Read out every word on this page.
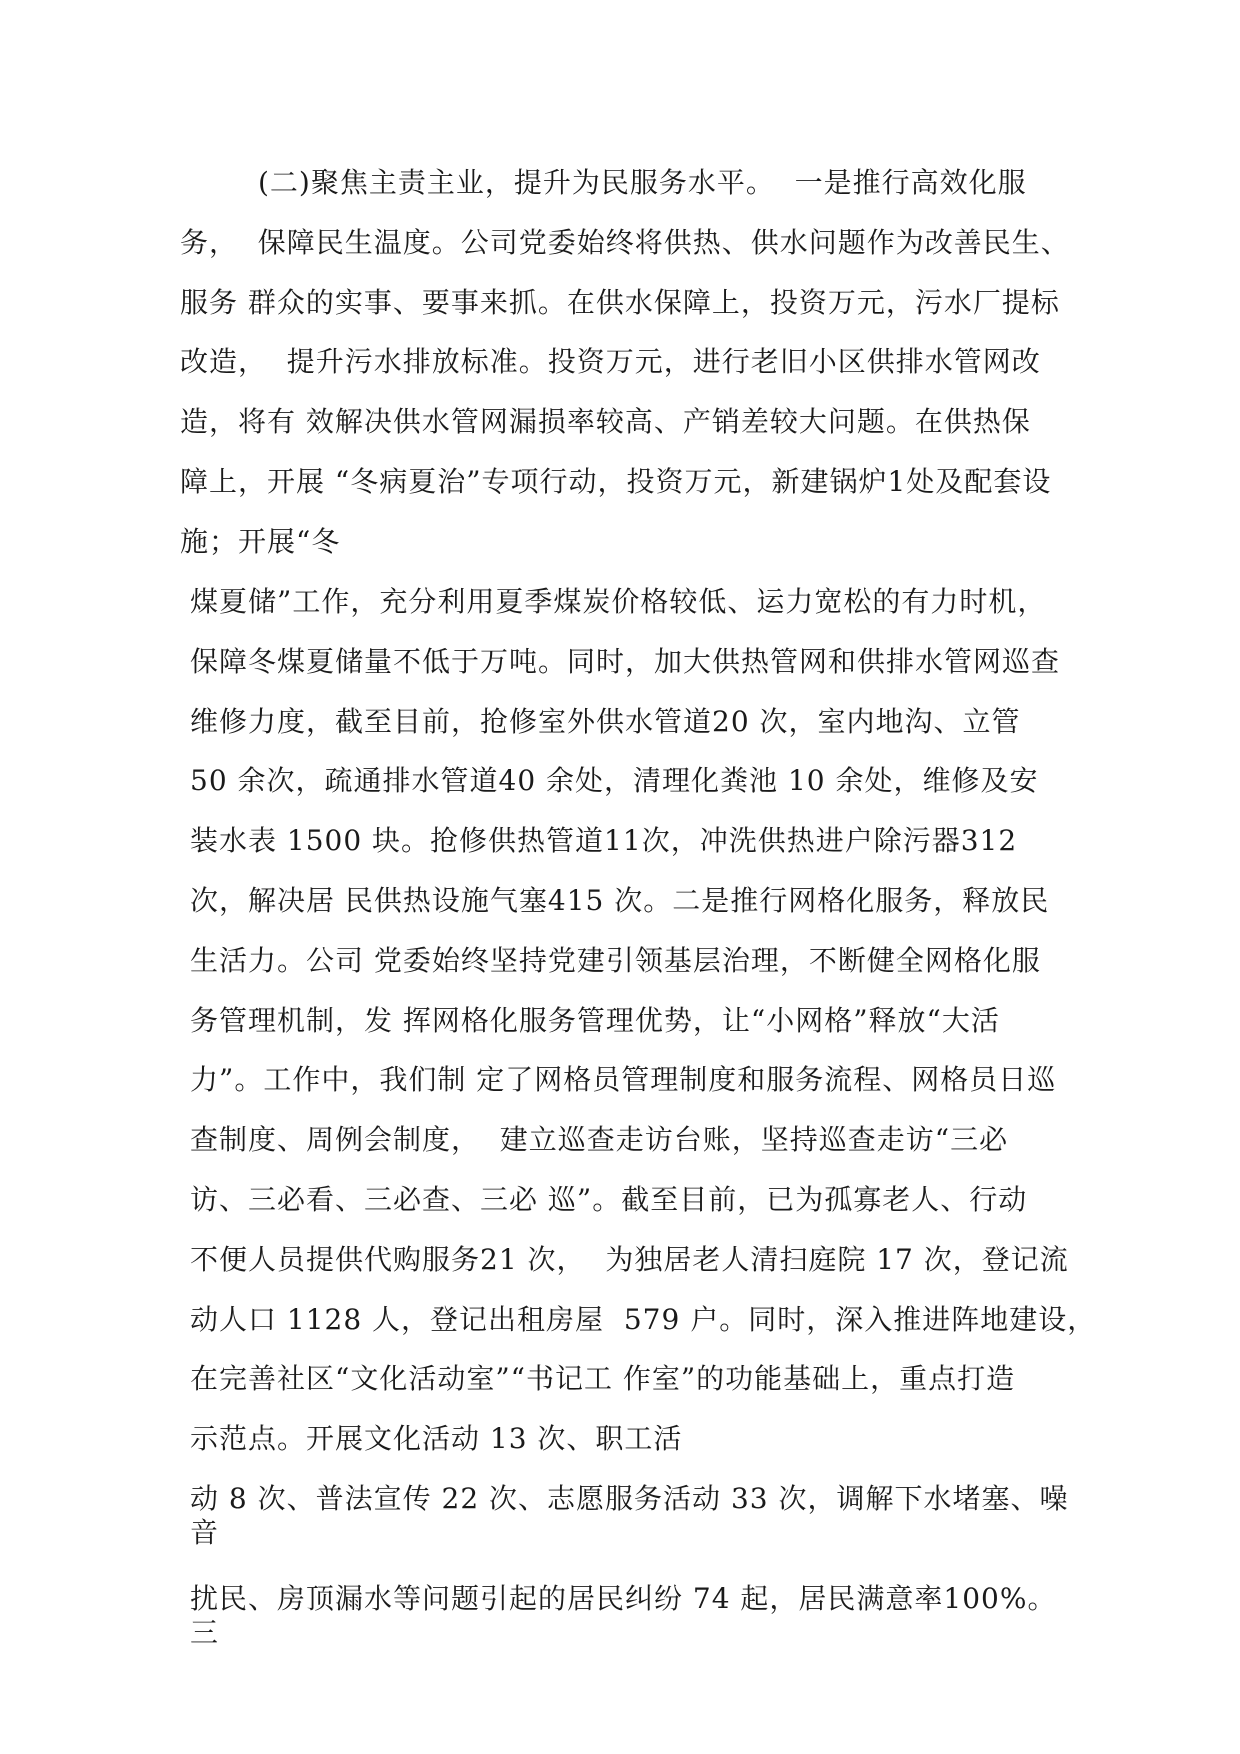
(二)聚焦主责主业，提升为民服务水平。  一是推行高效化服
务，  保障民生温度。公司党委始终将供热、供水问题作为改善民生、
服务 群众的实事、要事来抓。在供水保障上，投资万元，污水厂提标
改造，  提升污水排放标准。投资万元，进行老旧小区供排水管网改
造，将有 效解决供水管网漏损率较高、产销差较大问题。在供热保
障上，开展 “冬病夏治”专项行动，投资万元，新建锅炉1处及配套设
施；开展“冬
煤夏储”工作，充分利用夏季煤炭价格较低、运力宽松的有力时机，
保障冬煤夏储量不低于万吨。同时，加大供热管网和供排水管网巡查
维修力度，截至目前，抢修室外供水管道20 次，室内地沟、立管
50 余次，疏通排水管道40 余处，清理化粪池 10 余处，维修及安
装水表 1500 块。抢修供热管道11次，冲洗供热进户除污器312
次，解决居 民供热设施气塞415 次。二是推行网格化服务，释放民
生活力。公司 党委始终坚持党建引领基层治理，不断健全网格化服
务管理机制，发 挥网格化服务管理优势，让“小网格”释放“大活
力”。工作中，我们制 定了网格员管理制度和服务流程、网格员日巡
查制度、周例会制度，  建立巡查走访台账，坚持巡查走访“三必
访、三必看、三必查、三必 巡”。截至目前，已为孤寡老人、行动
不便人员提供代购服务21 次，  为独居老人清扫庭院 17 次，登记流
动人口 1128 人，登记出租房屋  579 户。同时，深入推进阵地建设，
在完善社区“文化活动室”“书记工 作室”的功能基础上，重点打造
示范点。开展文化活动 13 次、职工活
动 8 次、普法宣传 22 次、志愿服务活动 33 次，调解下水堵塞、噪
音
扰民、房顶漏水等问题引起的居民纠纷 74 起，居民满意率100%。
三
